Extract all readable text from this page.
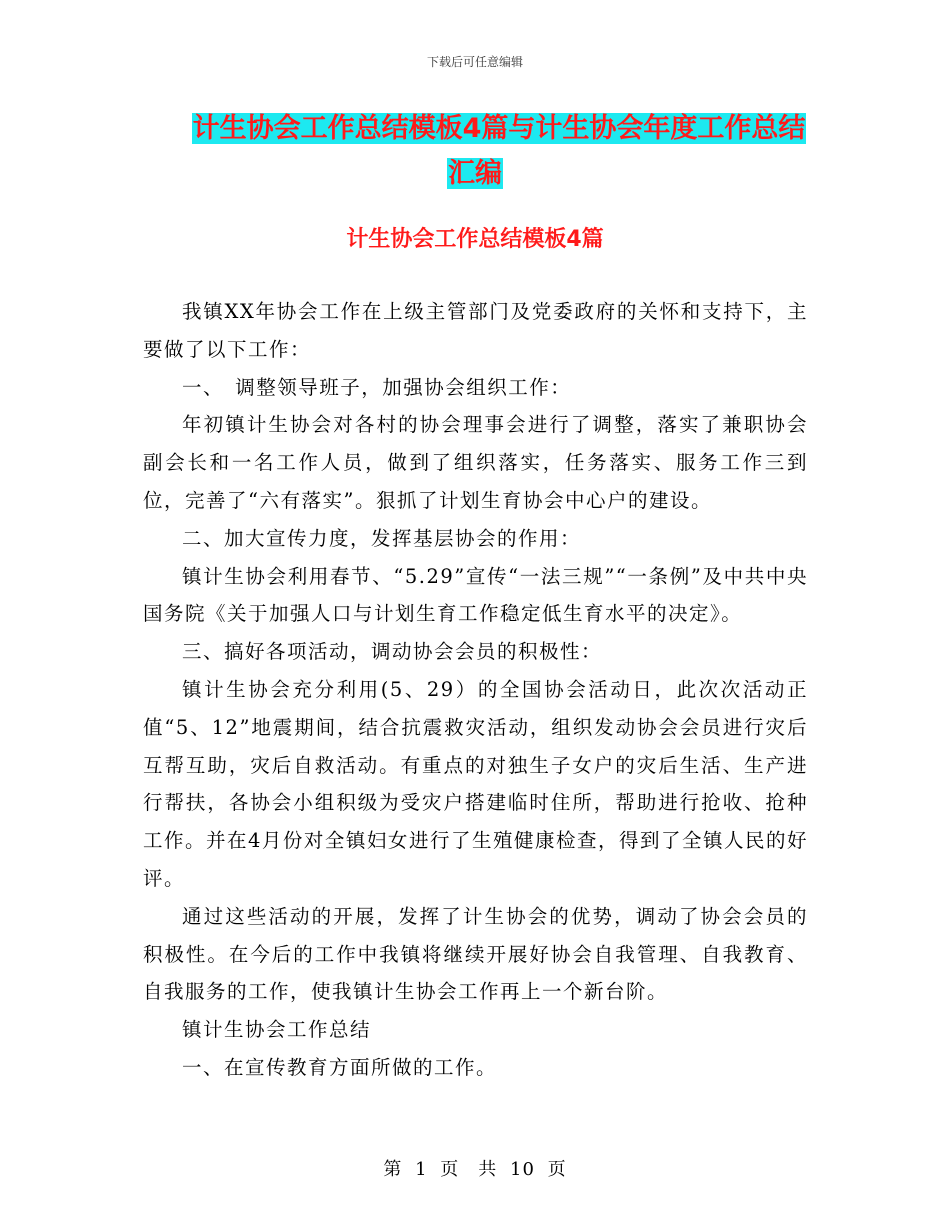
下载后可任意编辑
计生协会工作总结模板4篇与计生协会年度工作总结
汇编
计生协会工作总结模板4篇

我镇XX年协会工作在上级主管部门及党委政府的关怀和支持下，主要做了以下工作：

一、　调整领导班子，加强协会组织工作：

年初镇计生协会对各村的协会理事会进行了调整，落实了兼职协会副会长和一名工作人员，做到了组织落实，任务落实、服务工作三到位，完善了“六有落实”。狠抓了计划生育协会中心户的建设。

二、加大宣传力度，发挥基层协会的作用：

镇计生协会利用春节、“5.29”宣传“一法三规”“一条例”及中共中央国务院《关于加强人口与计划生育工作稳定低生育水平的决定》。

三、搞好各项活动，调动协会会员的积极性：

镇计生协会充分利用(5、29）的全国协会活动日，此次次活动正值“5、12”地震期间，结合抗震救灾活动，组织发动协会会员进行灾后互帮互助，灾后自救活动。有重点的对独生子女户的灾后生活、生产进行帮扶，各协会小组积级为受灾户搭建临时住所，帮助进行抢收、抢种工作。并在4月份对全镇妇女进行了生殖健康检查，得到了全镇人民的好评。

通过这些活动的开展，发挥了计生协会的优势，调动了协会会员的积极性。在今后的工作中我镇将继续开展好协会自我管理、自我教育、自我服务的工作，使我镇计生协会工作再上一个新台阶。

镇计生协会工作总结

一、在宣传教育方面所做的工作。

第 1 页　共 10 页
